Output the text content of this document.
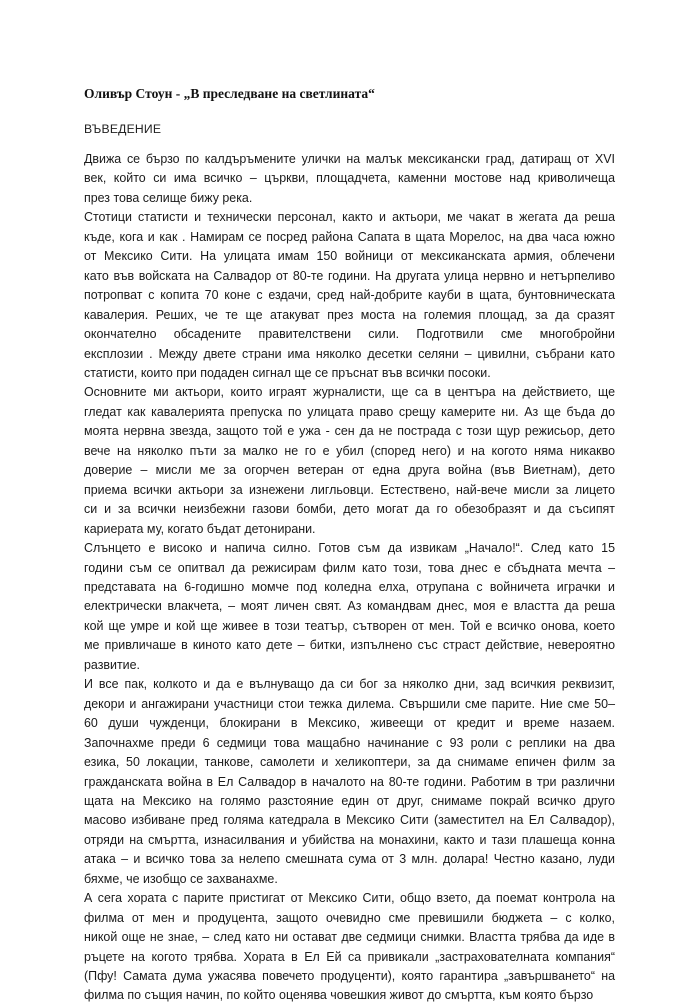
Оливър Стоун - „В преследване на светлината“
ВЪВЕДЕНИЕ

Движа се бързо по калдъръмените улички на малък мексикански град, датиращ от XVI
век, който си има всичко – църкви, площадчета, каменни мостове над криволичеща
през това селище бижу река.

Стотици статисти и технически персонал, както и актьори, ме чакат в жегата да реша
къде, кога и как . Намирам се посред района Сапата в щата Морелос, на два часа южно
от Мексико Сити. На улицата имам 150 войници от мексиканската армия, облечени
като във войската на Салвадор от 80-те години. На другата улица нервно и нетърпеливо
потропват с копита 70 коне с ездачи, сред най-добрите кауби в щата, бунтовническата
кавалерия. Реших, че те ще атакуват през моста на големия площад, за да сразят
окончателно обсадените правителствени сили. Подготвили сме многобройни
експлозии . Между двете страни има няколко десетки селяни – цивилни, събрани като
статисти, които при подаден сигнал ще се пръснат във всички посоки.

Основните ми актьори, които играят журналисти, ще са в центъра на действието, ще
гледат как кавалерията препуска по улицата право срещу камерите ни. Аз ще бъда до
моята нервна звезда, защото той е ужа - сен да не пострада с този щур режисьор, дето
вече на няколко пъти за малко не го е убил (според него) и на когото няма никакво
доверие – мисли ме за огорчен ветеран от една друга война (във Виетнам), дето
приема всички актьори за изнежени лигльовци. Естествено, най-вече мисли за лицето
си и за всички неизбежни газови бомби, дето могат да го обезобразят и да съсипят
кариерата му, когато бъдат детонирани.

Слънцето е високо и напича силно. Готов съм да извикам „Начало!“. След като 15
години съм се опитвал да режисирам филм като този, това днес е сбъдната мечта –
представата на 6-годишно момче под коледна елха, отрупана с войничета играчки и
електрически влакчета, – моят личен свят. Аз командвам днес, моя е властта да реша
кой ще умре и кой ще живее в този театър, сътворен от мен. Той е всичко онова, което
ме привличаше в киното като дете – битки, изпълнено със страст действие, невероятно
развитие.

И все пак, колкото и да е вълнуващо да си бог за няколко дни, зад всичкия реквизит,
декори и ангажирани участници стои тежка дилема. Свършили сме парите. Ние сме 50–
60 души чужденци, блокирани в Мексико, живеещи от кредит и време назаем.
Започнахме преди 6 седмици това мащабно начинание с 93 роли с реплики на два
езика, 50 локации, танкове, самолети и хеликоптери, за да снимаме епичен филм за
гражданската война в Ел Салвадор в началото на 80-те години. Работим в три различни
щата на Мексико на голямо разстояние един от друг, снимаме покрай всичко друго
масово избиване пред голяма катедрала в Мексико Сити (заместител на Ел Салвадор),
отряди на смъртта, изнасилвания и убийства на монахини, както и тази плашеща конна
атака – и всичко това за нелепо смешната сума от 3 млн. долара! Честно казано, луди
бяхме, че изобщо се захванахме.

А сега хората с парите пристигат от Мексико Сити, общо взето, да поемат контрола на
филма от мен и продуцента, защото очевидно сме превишили бюджета – с колко,
никой още не знае, – след като ни остават две седмици снимки. Властта трябва да иде в
ръцете на когото трябва. Хората в Ел Ей са привикали „застрахователната компания“
(Пфу! Самата дума ужасява повечето продуценти), която гарантира „завършването“ на
филма по същия начин, по който оценява човешкия живот до смъртта, към която бързо
